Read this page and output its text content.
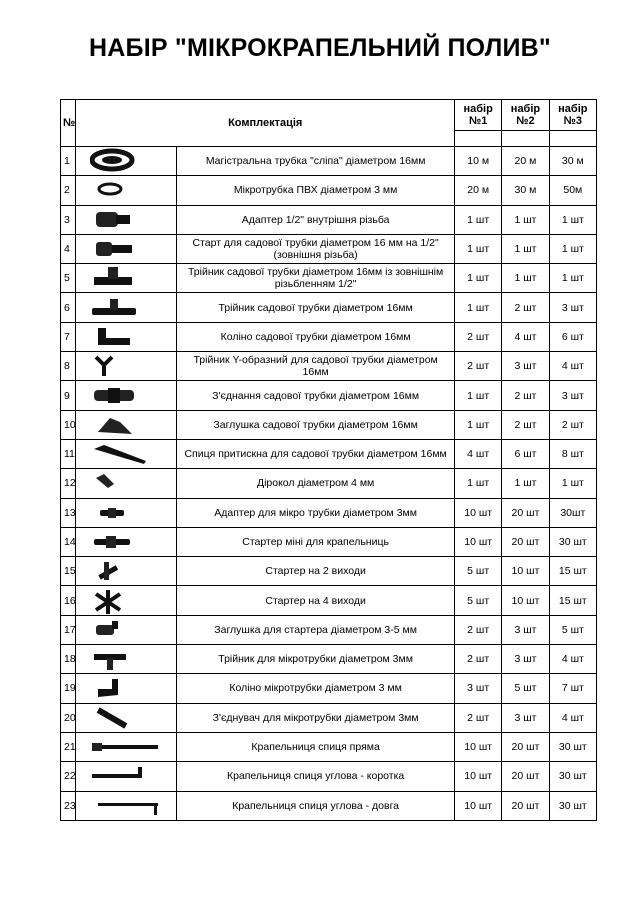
НАБІР "МІКРОКРАПЕЛЬНИЙ ПОЛИВ"
№	Комплектація		набір №1	набір №2	набір №3

1		Магістральна трубка "сліпа" діаметром 16мм	10 м	20 м	30 м
2		Мікротрубка ПВХ діаметром 3 мм	20 м	30 м	50м
3		Адаптер 1/2" внутрішня різьба	1 шт	1 шт	1 шт
4		Старт для садової трубки діаметром 16 мм на 1/2" (зовнішня різьба)	1 шт	1 шт	1 шт
5		Трійник садової трубки діаметром 16мм із зовнішнім різьбленням 1/2"	1 шт	1 шт	1 шт
6		Трійник садової трубки діаметром 16мм	1 шт	2 шт	3 шт
7		Коліно садової трубки діаметром 16мм	2 шт	4 шт	6 шт
8		Трійник Y-образний для садової трубки діаметром 16мм	2 шт	3 шт	4 шт
9		З'єднання садової трубки діаметром 16мм	1 шт	2 шт	3 шт
10		Заглушка садової трубки діаметром 16мм	1 шт	2 шт	2 шт
11		Спиця притискна для садової трубки діаметром 16мм	4 шт	6 шт	8 шт
12		Дірокол діаметром 4 мм	1 шт	1 шт	1 шт
13		Адаптер для мікро трубки діаметром 3мм	10 шт	20 шт	30шт
14		Стартер міні для крапельниць	10 шт	20 шт	30 шт
15		Стартер на 2 виходи	5 шт	10 шт	15 шт
16		Стартер на 4 виходи	5 шт	10 шт	15 шт
17		Заглушка для стартера діаметром 3-5 мм	2 шт	3 шт	5 шт
18		Трійник для мікротрубки діаметром 3мм	2 шт	3 шт	4 шт
19		Коліно мікротрубки діаметром 3 мм	3 шт	5 шт	7 шт
20		З'єднувач для мікротрубки діаметром 3мм	2 шт	3 шт	4 шт
21		Крапельниця спиця пряма	10 шт	20 шт	30 шт
22		Крапельниця спиця углова - коротка	10 шт	20 шт	30 шт
23		Крапельниця спиця углова - довга	10 шт	20 шт	30 шт
